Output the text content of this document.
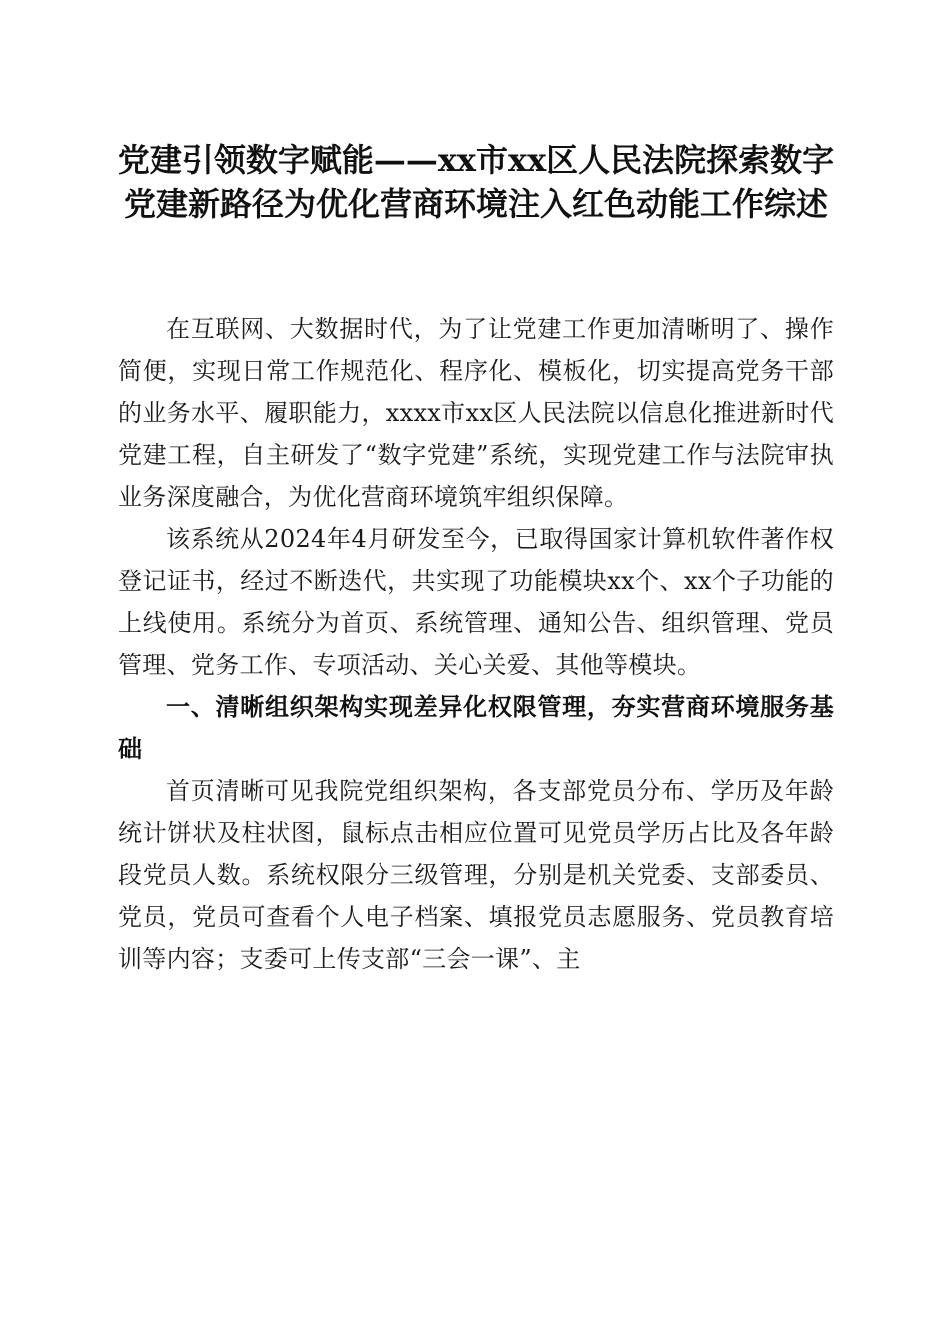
党建引领数字赋能——xx市xx区人民法院探索数字党建新路径为优化营商环境注入红色动能工作综述

在互联网、大数据时代，为了让党建工作更加清晰明了、操作简便，实现日常工作规范化、程序化、模板化，切实提高党务干部的业务水平、履职能力，xxxx市xx区人民法院以信息化推进新时代党建工程，自主研发了“数字党建”系统，实现党建工作与法院审执业务深度融合，为优化营商环境筑牢组织保障。

该系统从2024年4月研发至今，已取得国家计算机软件著作权登记证书，经过不断迭代，共实现了功能模块xx个、xx个子功能的上线使用。系统分为首页、系统管理、通知公告、组织管理、党员管理、党务工作、专项活动、关心关爱、其他等模块。

一、清晰组织架构实现差异化权限管理，夯实营商环境服务基础

首页清晰可见我院党组织架构，各支部党员分布、学历及年龄统计饼状及柱状图，鼠标点击相应位置可见党员学历占比及各年龄段党员人数。系统权限分三级管理，分别是机关党委、支部委员、党员，党员可查看个人电子档案、填报党员志愿服务、党员教育培训等内容；支委可上传支部“三会一课”、主
